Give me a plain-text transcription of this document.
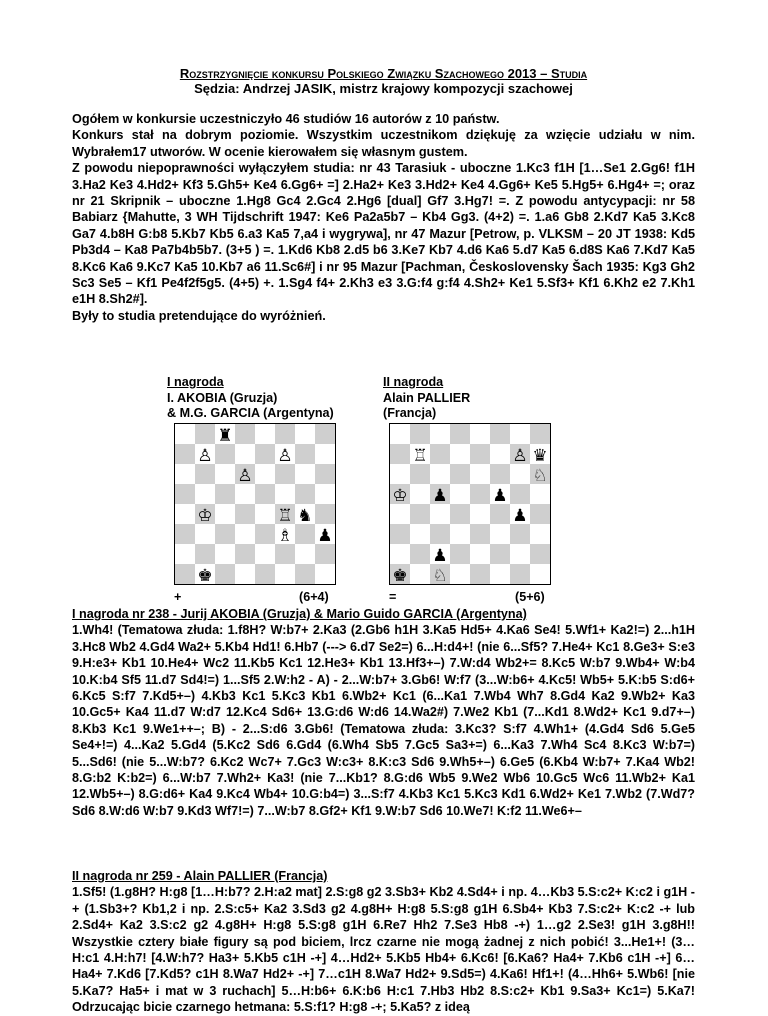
Rozstrzygnięcie konkursu Polskiego Związku Szachowego 2013 – Studia
Sędzia: Andrzej JASIK, mistrz krajowy kompozycji szachowej

Ogółem w konkursie uczestniczyło 46 studiów 16 autorów z 10 państw.

Konkurs stał na dobrym poziomie. Wszystkim uczestnikom dziękuję za wzięcie udziału w nim. Wybrałem17 utworów. W ocenie kierowałem się własnym gustem.

Z powodu niepoprawności wyłączyłem studia: nr 43 Tarasiuk - uboczne 1.Kc3 f1H [1…Se1 2.Gg6! f1H 3.Ha2 Ke3 4.Hd2+ Kf3 5.Gh5+ Ke4 6.Gg6+ =] 2.Ha2+ Ke3 3.Hd2+ Ke4 4.Gg6+ Ke5 5.Hg5+ 6.Hg4+ =; oraz nr 21 Skripnik – uboczne 1.Hg8 Gc4 2.Gc4 2.Hg6 [dual] Gf7 3.Hg7! =. Z powodu antycypacji: nr 58 Babiarz {Mahutte, 3 WH Tijdschrift 1947: Ke6 Pa2a5b7 – Kb4 Gg3. (4+2) =. 1.a6 Gb8 2.Kd7 Ka5 3.Kc8 Ga7 4.b8H G:b8 5.Kb7 Kb5 6.a3 Ka5 7,a4 i wygrywa], nr 47 Mazur [Petrow, p. VLKSM – 20 JT 1938: Kd5 Pb3d4 – Ka8 Pa7b4b5b7. (3+5 ) =. 1.Kd6 Kb8 2.d5 b6 3.Ke7 Kb7 4.d6 Ka6 5.d7 Ka5 6.d8S Ka6 7.Kd7 Ka5 8.Kc6 Ka6 9.Kc7 Ka5 10.Kb7 a6 11.Sc6#] i nr 95 Mazur [Pachman, Československy Šach 1935: Kg3 Gh2 Sc3 Se5 – Kf1 Pe4f2f5g5. (4+5) +. 1.Sg4 f4+ 2.Kh3 e3 3.G:f4 g:f4 4.Sh2+ Ke1 5.Sf3+ Kf1 6.Kh2 e2 7.Kh1 e1H 8.Sh2#].

Były to studia pretendujące do wyróżnień.

I nagroda
I. AKOBIA (Gruzja)
& M.G. GARCIA (Argentyna)
♜
♙	♙
♙
♔	♖ ♞
♗ ♟
♚
+	(6+4)
II nagroda
Alain PALLIER
(Francja)
♖	♙ ♛
♘
♔ ♟	♟
♟
♟
♚ ♘
=	(5+6)

I nagroda nr 238 - Jurij AKOBIA (Gruzja) & Mario Guido GARCIA (Argentyna)

1.Wh4! (Tematowa złuda: 1.f8H? W:b7+ 2.Ka3 (2.Gb6 h1H 3.Ka5 Hd5+ 4.Ka6 Se4! 5.Wf1+ Ka2!=) 2...h1H 3.Hc8 Wb2 4.Gd4 Wa2+ 5.Kb4 Hd1! 6.Hb7 (---> 6.d7 Se2=) 6...H:d4+! (nie 6...Sf5? 7.He4+ Kc1 8.Ge3+ S:e3 9.H:e3+ Kb1 10.He4+ Wc2 11.Kb5 Kc1 12.He3+ Kb1 13.Hf3+–) 7.W:d4 Wb2+= 8.Kc5 W:b7 9.Wb4+ W:b4 10.K:b4 Sf5 11.d7 Sd4!=) 1...Sf5 2.W:h2 - A) - 2...W:b7+ 3.Gb6! W:f7 (3...W:b6+ 4.Kc5! Wb5+ 5.K:b5 S:d6+ 6.Kc5 S:f7 7.Kd5+–) 4.Kb3 Kc1 5.Kc3 Kb1 6.Wb2+ Kc1 (6...Ka1 7.Wb4 Wh7 8.Gd4 Ka2 9.Wb2+ Ka3 10.Gc5+ Ka4 11.d7 W:d7 12.Kc4 Sd6+ 13.G:d6 W:d6 14.Wa2#) 7.We2 Kb1 (7...Kd1 8.Wd2+ Kc1 9.d7+–) 8.Kb3 Kc1 9.We1++–; B) - 2...S:d6 3.Gb6! (Tematowa złuda: 3.Kc3? S:f7 4.Wh1+ (4.Gd4 Sd6 5.Ge5 Se4+!=) 4...Ka2 5.Gd4 (5.Kc2 Sd6 6.Gd4 (6.Wh4 Sb5 7.Gc5 Sa3+=) 6...Ka3 7.Wh4 Sc4 8.Kc3 W:b7=) 5...Sd6! (nie 5...W:b7? 6.Kc2 Wc7+ 7.Gc3 W:c3+ 8.K:c3 Sd6 9.Wh5+–) 6.Ge5 (6.Kb4 W:b7+ 7.Ka4 Wb2! 8.G:b2 K:b2=) 6...W:b7 7.Wh2+ Ka3! (nie 7...Kb1? 8.G:d6 Wb5 9.We2 Wb6 10.Gc5 Wc6 11.Wb2+ Ka1 12.Wb5+–) 8.G:d6+ Ka4 9.Kc4 Wb4+ 10.G:b4=) 3...S:f7 4.Kb3 Kc1 5.Kc3 Kd1 6.Wd2+ Ke1 7.Wb2 (7.Wd7? Sd6 8.W:d6 W:b7 9.Kd3 Wf7!=) 7...W:b7 8.Gf2+ Kf1 9.W:b7 Sd6 10.We7! K:f2 11.We6+–

II nagroda nr 259 - Alain PALLIER (Francja)

1.Sf5! (1.g8H? H:g8 [1…H:b7? 2.H:a2 mat] 2.S:g8 g2 3.Sb3+ Kb2 4.Sd4+ i np. 4…Kb3 5.S:c2+ K:c2 i g1H -+ (1.Sb3+? Kb1,2 i np. 2.S:c5+ Ka2 3.Sd3 g2 4.g8H+ H:g8 5.S:g8 g1H 6.Sb4+ Kb3 7.S:c2+ K:c2 -+ lub 2.Sd4+ Ka2 3.S:c2 g2 4.g8H+ H:g8 5.S:g8 g1H 6.Re7 Hh2 7.Se3 Hb8 -+) 1…g2 2.Se3! g1H 3.g8H!! Wszystkie cztery białe figury są pod biciem, lrcz czarne nie mogą żadnej z nich pobić! 3...He1+! (3…H:c1 4.H:h7! [4.W:h7? Ha3+ 5.Kb5 c1H -+] 4…Hd2+ 5.Kb5 Hb4+ 6.Kc6! [6.Ka6? Ha4+ 7.Kb6 c1H -+] 6…Ha4+ 7.Kd6 [7.Kd5? c1H 8.Wa7 Hd2+ -+] 7…c1H 8.Wa7 Hd2+ 9.Sd5=) 4.Ka6! Hf1+! (4…Hh6+ 5.Wb6! [nie 5.Ka7? Ha5+ i mat w 3 ruchach] 5…H:b6+ 6.K:b6 H:c1 7.Hb3 Hb2 8.S:c2+ Kb1 9.Sa3+ Kc1=) 5.Ka7! Odrzucając bicie czarnego hetmana: 5.S:f1? H:g8 -+; 5.Ka5? z ideą
